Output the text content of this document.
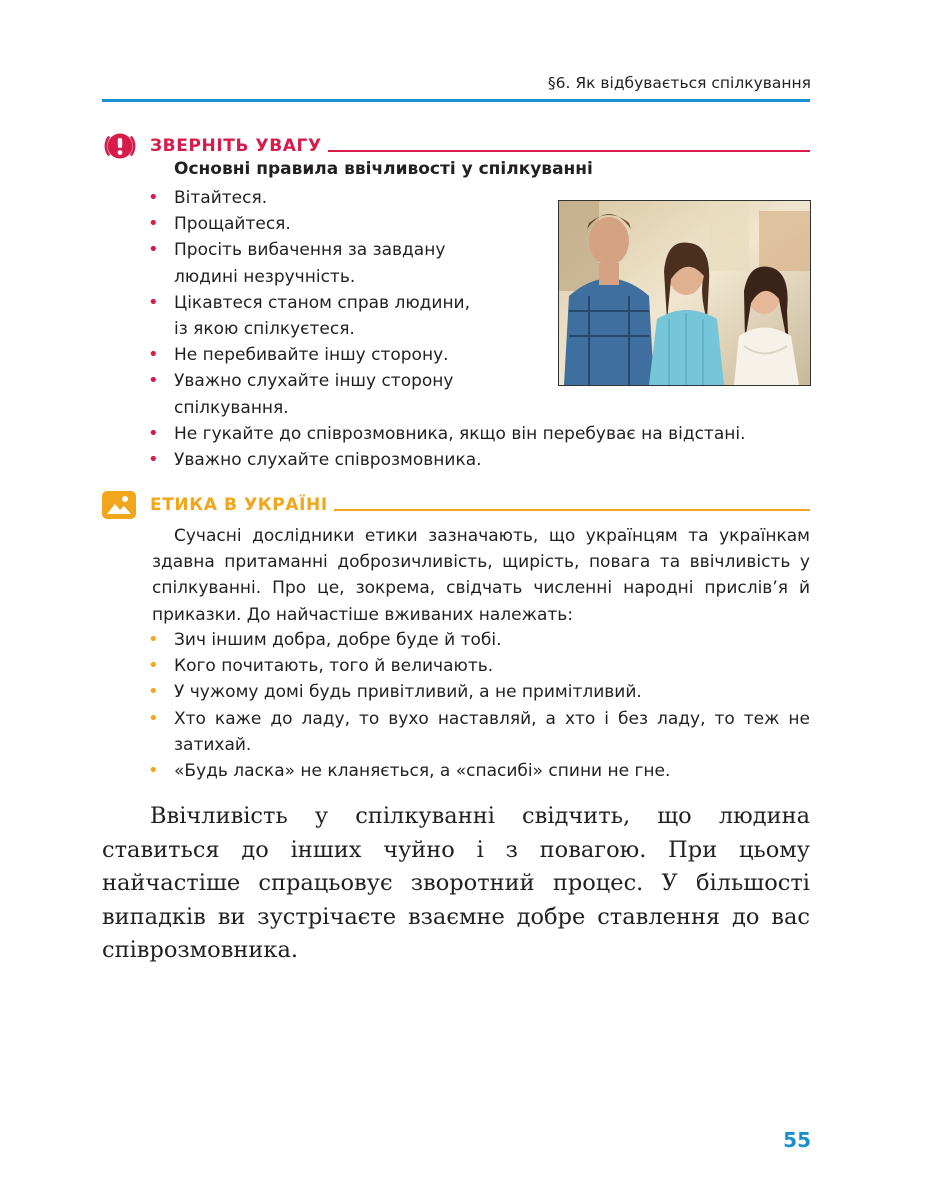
§6. Як відбувається спілкування
ЗВЕРНІТЬ УВАГУ
Основні правила ввічливості у спілкуванні
• Вітайтеся.
• Прощайтеся.
• Просіть вибачення за завдану людині незручність.
• Цікавтеся станом справ людини, із якою спілкуєтеся.
• Не перебивайте іншу сторону.
• Уважно слухайте іншу сторону спілкування.
• Не гукайте до співрозмовника, якщо він перебуває на відстані.
• Уважно слухайте співрозмовника.
ЕТИКА В УКРАЇНІ

Сучасні дослідники етики зазначають, що українцям та українкам здавна притаманні доброзичливість, щирість, повага та ввічливість у спілкуванні. Про це, зокрема, свідчать численні народні прислів’я й приказки. До найчастіше вживаних належать:

• Зич іншим добра, добре буде й тобі.
• Кого почитають, того й величають.
• У чужому домі будь привітливий, а не примітливий.
• Хто каже до ладу, то вухо наставляй, а хто і без ладу, то теж не затихай.
• «Будь ласка» не кланяється, а «спасибі» спини не гне.

Ввічливість у спілкуванні свідчить, що людина ставиться до інших чуйно і з повагою. При цьому найчастіше спрацьовує зворотний процес. У більшості випадків ви зустрічаєте взаємне добре ставлення до вас співрозмовника.

55
